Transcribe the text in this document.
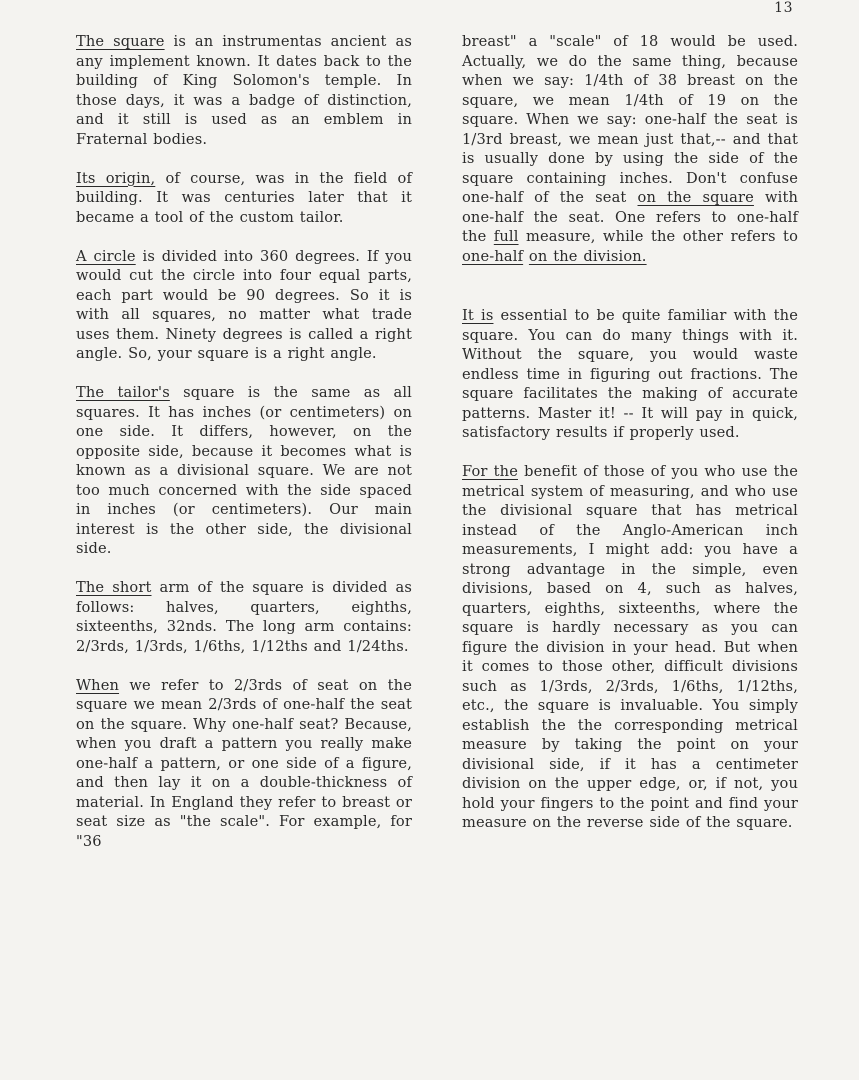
13

The square is an instrumentas ancient as any implement known. It dates back to the building of King Solomon's temple. In those days, it was a badge of distinction, and it still is used as an emblem in Fraternal bodies.

Its origin, of course, was in the field of building. It was centuries later that it became a tool of the custom tailor.

A circle is divided into 360 degrees. If you would cut the circle into four equal parts, each part would be 90 degrees. So it is with all squares, no matter what trade uses them. Ninety degrees is called a right angle. So, your square is a right angle.

The tailor's square is the same as all squares. It has inches (or centimeters) on one side. It differs, however, on the opposite side, because it becomes what is known as a divisional square. We are not too much concerned with the side spaced in inches (or centimeters). Our main interest is the other side, the divisional side.

The short arm of the square is divided as follows: halves, quarters, eighths, sixteenths, 32nds. The long arm contains: 2/3rds, 1/3rds, 1/6ths, 1/12ths and 1/24ths.

When we refer to 2/3rds of seat on the square we mean 2/3rds of one-half the seat on the square. Why one-half seat? Because, when you draft a pattern you really make one-half a pattern, or one side of a figure, and then lay it on a double-thickness of material. In England they refer to breast or seat size as "the scale". For example, for "36

breast" a "scale" of 18 would be used. Actually, we do the same thing, because when we say: 1/4th of 38 breast on the square, we mean 1/4th of 19 on the square. When we say: one-half the seat is 1/3rd breast, we mean just that,-- and that is usually done by using the side of the square containing inches. Don't confuse one-half of the seat on the square with one-half the seat. One refers to one-half the full measure, while the other refers to one-half on the division.

It is essential to be quite familiar with the square. You can do many things with it. Without the square, you would waste endless time in figuring out fractions. The square facilitates the making of accurate patterns. Master it! -- It will pay in quick, satisfactory results if properly used.

For the benefit of those of you who use the metrical system of measuring, and who use the divisional square that has metrical instead of the Anglo-American inch measurements, I might add: you have a strong advantage in the simple, even divisions, based on 4, such as halves, quarters, eighths, sixteenths, where the square is hardly necessary as you can figure the division in your head. But when it comes to those other, difficult divisions such as 1/3rds, 2/3rds, 1/6ths, 1/12ths, etc., the square is invaluable. You simply establish the the corresponding metrical measure by taking the point on your divisional side, if it has a centimeter division on the upper edge, or, if not, you hold your fingers to the point and find your measure on the reverse side of the square.
